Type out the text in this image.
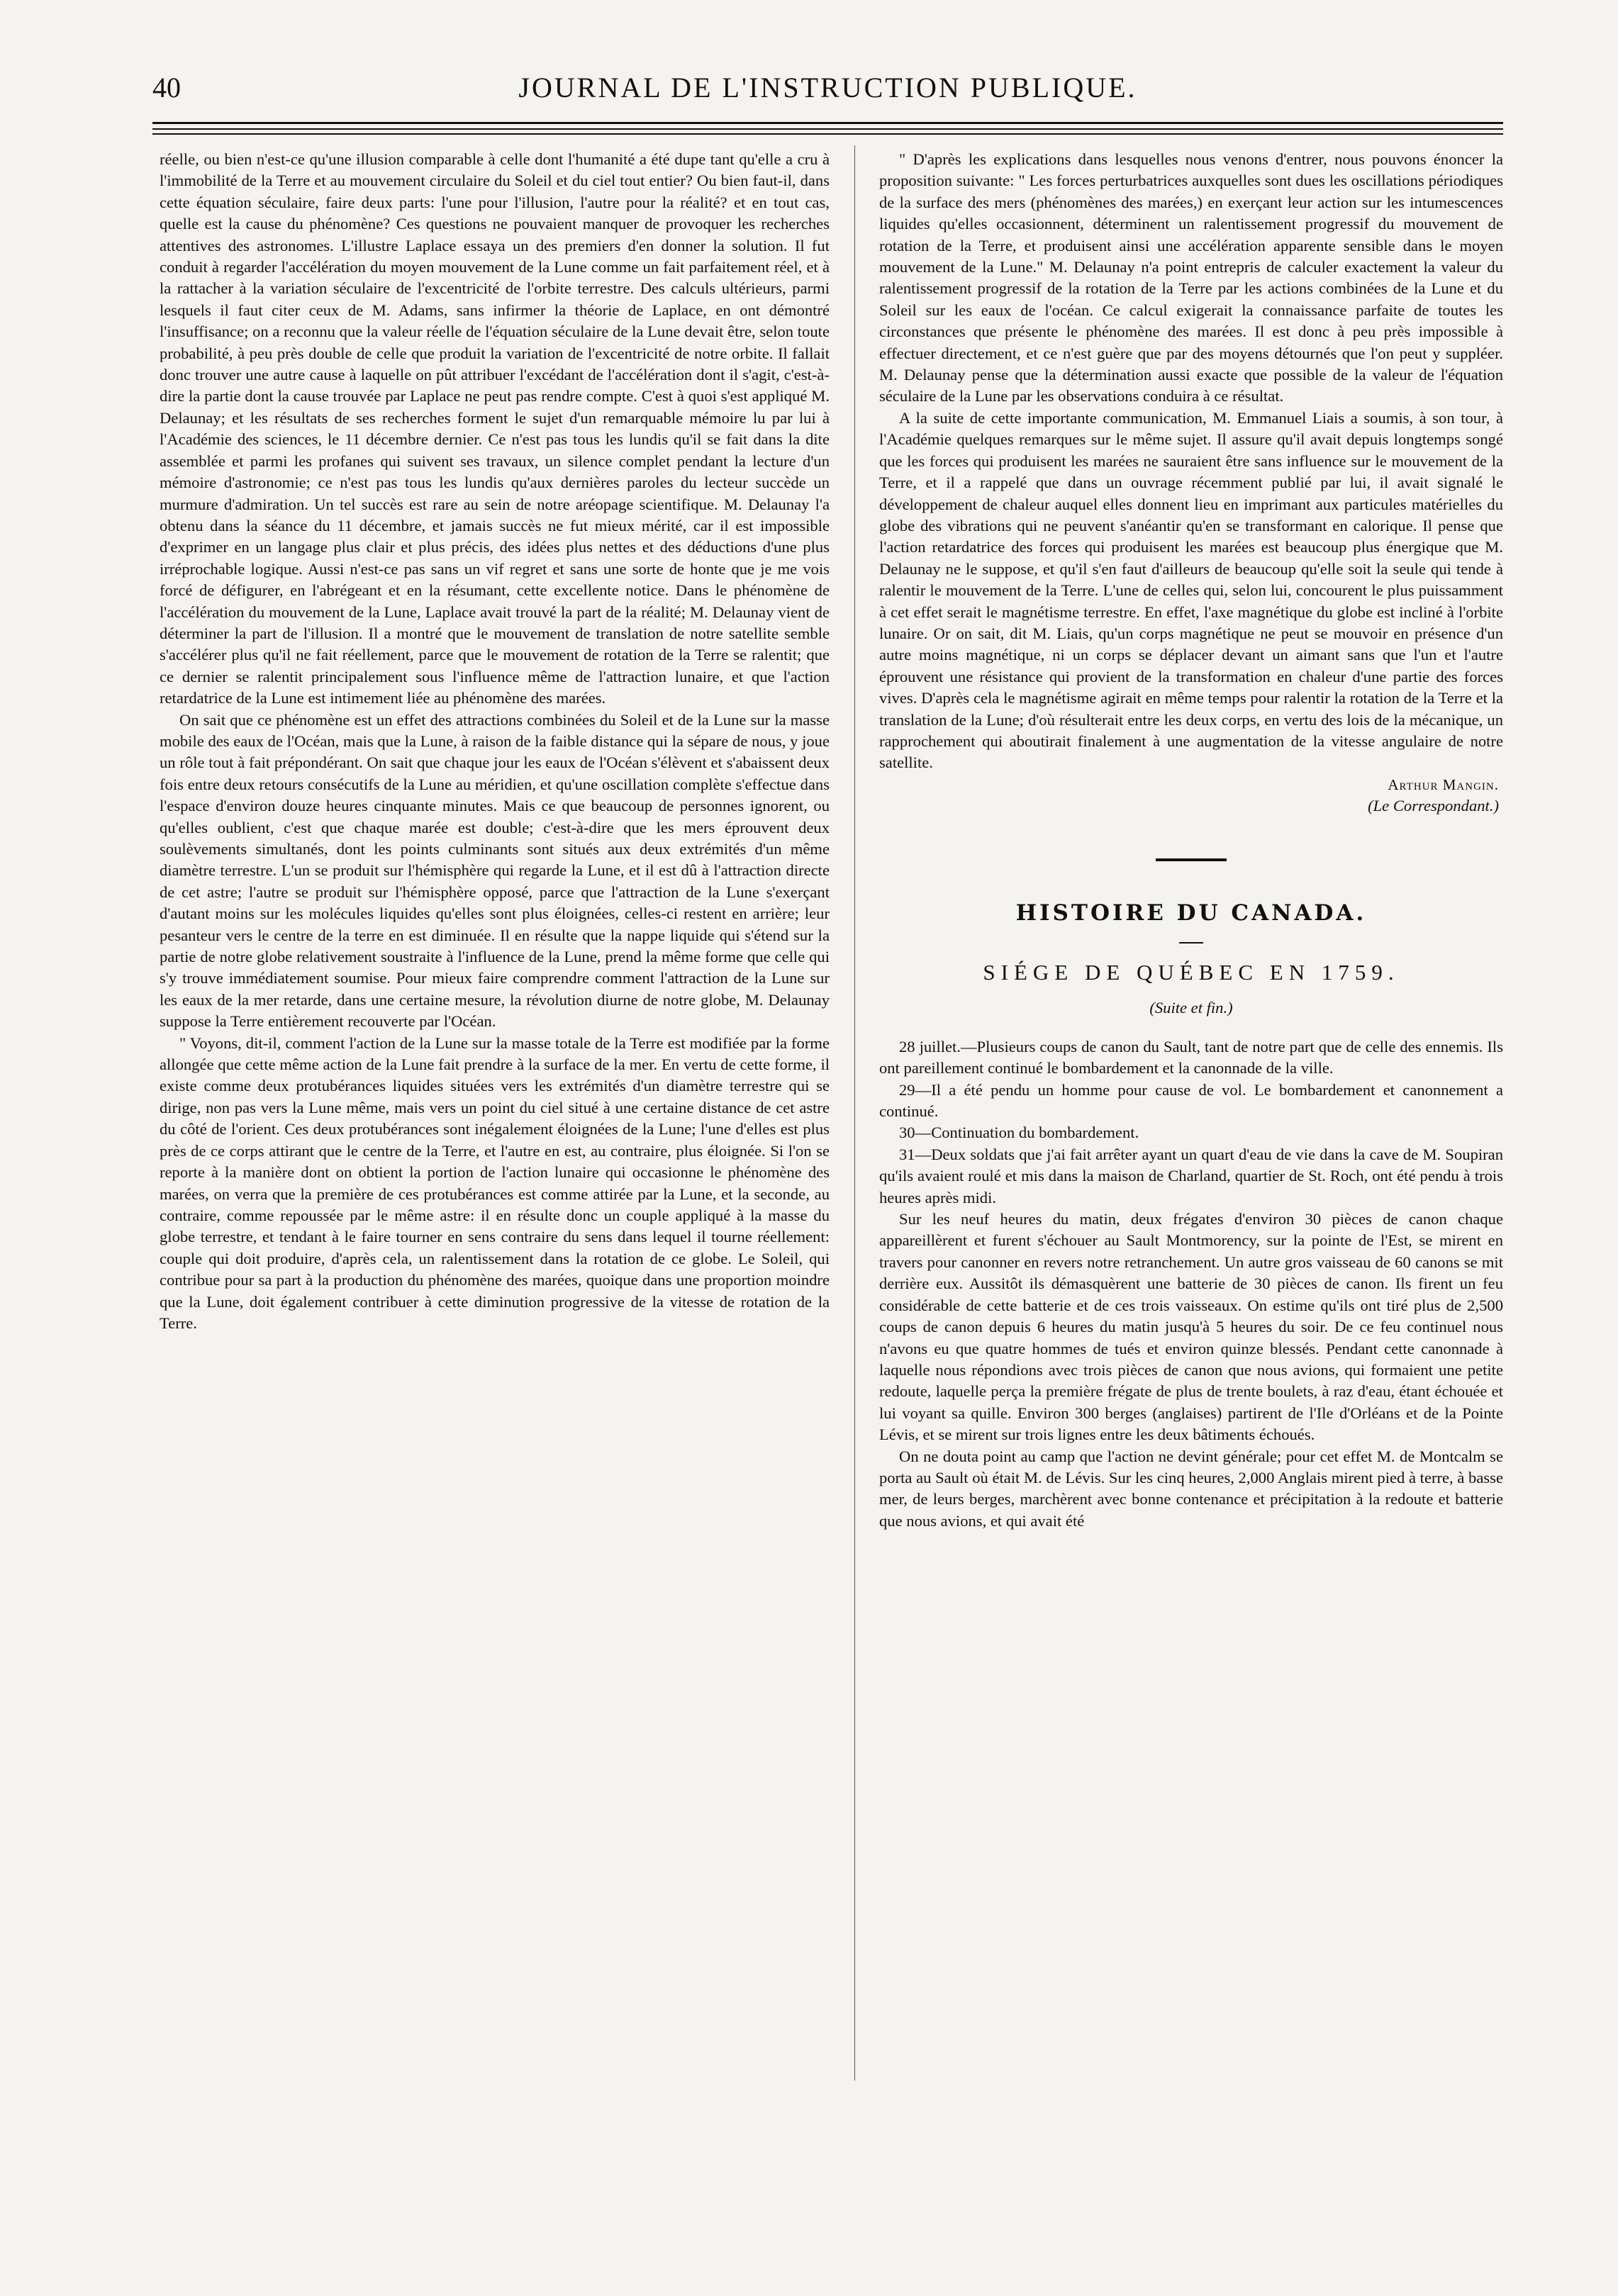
40	JOURNAL DE L'INSTRUCTION PUBLIQUE.

réelle, ou bien n'est-ce qu'une illusion comparable à celle dont l'humanité a été dupe tant qu'elle a cru à l'immobilité de la Terre et au mouvement circulaire du Soleil et du ciel tout entier? Ou bien faut-il, dans cette équation séculaire, faire deux parts: l'une pour l'illusion, l'autre pour la réalité? et en tout cas, quelle est la cause du phénomène? Ces questions ne pouvaient manquer de provoquer les recherches attentives des astronomes. L'illustre Laplace essaya un des premiers d'en donner la solution. Il fut conduit à regarder l'accélération du moyen mouvement de la Lune comme un fait parfaitement réel, et à la rattacher à la variation séculaire de l'excentricité de l'orbite terrestre. Des calculs ultérieurs, parmi lesquels il faut citer ceux de M. Adams, sans infirmer la théorie de Laplace, en ont démontré l'insuffisance; on a reconnu que la valeur réelle de l'équation séculaire de la Lune devait être, selon toute probabilité, à peu près double de celle que produit la variation de l'excentricité de notre orbite. Il fallait donc trouver une autre cause à laquelle on pût attribuer l'excédant de l'accélération dont il s'agit, c'est-à-dire la partie dont la cause trouvée par Laplace ne peut pas rendre compte. C'est à quoi s'est appliqué M. Delaunay; et les résultats de ses recherches forment le sujet d'un remarquable mémoire lu par lui à l'Académie des sciences, le 11 décembre dernier. Ce n'est pas tous les lundis qu'il se fait dans la dite assemblée et parmi les profanes qui suivent ses travaux, un silence complet pendant la lecture d'un mémoire d'astronomie; ce n'est pas tous les lundis qu'aux dernières paroles du lecteur succède un murmure d'admiration. Un tel succès est rare au sein de notre aréopage scientifique. M. Delaunay l'a obtenu dans la séance du 11 décembre, et jamais succès ne fut mieux mérité, car il est impossible d'exprimer en un langage plus clair et plus précis, des idées plus nettes et des déductions d'une plus irréprochable logique. Aussi n'est-ce pas sans un vif regret et sans une sorte de honte que je me vois forcé de défigurer, en l'abrégeant et en la résumant, cette excellente notice. Dans le phénomène de l'accélération du mouvement de la Lune, Laplace avait trouvé la part de la réalité; M. Delaunay vient de déterminer la part de l'illusion. Il a montré que le mouvement de translation de notre satellite semble s'accélérer plus qu'il ne fait réellement, parce que le mouvement de rotation de la Terre se ralentit; que ce dernier se ralentit principalement sous l'influence même de l'attraction lunaire, et que l'action retardatrice de la Lune est intimement liée au phénomène des marées.

On sait que ce phénomène est un effet des attractions combinées du Soleil et de la Lune sur la masse mobile des eaux de l'Océan, mais que la Lune, à raison de la faible distance qui la sépare de nous, y joue un rôle tout à fait prépondérant. On sait que chaque jour les eaux de l'Océan s'élèvent et s'abaissent deux fois entre deux retours consécutifs de la Lune au méridien, et qu'une oscillation complète s'effectue dans l'espace d'environ douze heures cinquante minutes. Mais ce que beaucoup de personnes ignorent, ou qu'elles oublient, c'est que chaque marée est double; c'est-à-dire que les mers éprouvent deux soulèvements simultanés, dont les points culminants sont situés aux deux extrémités d'un même diamètre terrestre. L'un se produit sur l'hémisphère qui regarde la Lune, et il est dû à l'attraction directe de cet astre; l'autre se produit sur l'hémisphère opposé, parce que l'attraction de la Lune s'exerçant d'autant moins sur les molécules liquides qu'elles sont plus éloignées, celles-ci restent en arrière; leur pesanteur vers le centre de la terre en est diminuée. Il en résulte que la nappe liquide qui s'étend sur la partie de notre globe relativement soustraite à l'influence de la Lune, prend la même forme que celle qui s'y trouve immédiatement soumise. Pour mieux faire comprendre comment l'attraction de la Lune sur les eaux de la mer retarde, dans une certaine mesure, la révolution diurne de notre globe, M. Delaunay suppose la Terre entièrement recouverte par l'Océan.

" Voyons, dit-il, comment l'action de la Lune sur la masse totale de la Terre est modifiée par la forme allongée que cette même action de la Lune fait prendre à la surface de la mer. En vertu de cette forme, il existe comme deux protubérances liquides situées vers les extrémités d'un diamètre terrestre qui se dirige, non pas vers la Lune même, mais vers un point du ciel situé à une certaine distance de cet astre du côté de l'orient. Ces deux protubérances sont inégalement éloignées de la Lune; l'une d'elles est plus près de ce corps attirant que le centre de la Terre, et l'autre en est, au contraire, plus éloignée. Si l'on se reporte à la manière dont on obtient la portion de l'action lunaire qui occasionne le phénomène des marées, on verra que la première de ces protubérances est comme attirée par la Lune, et la seconde, au contraire, comme repoussée par le même astre: il en résulte donc un couple appliqué à la masse du globe terrestre, et tendant à le faire tourner en sens contraire du sens dans lequel il tourne réellement: couple qui doit produire, d'après cela, un ralentissement dans la rotation de ce globe. Le Soleil, qui contribue pour sa part à la production du phénomène des marées, quoique dans une proportion moindre que la Lune, doit également contribuer à cette diminution progressive de la vitesse de rotation de la Terre.

" D'après les explications dans lesquelles nous venons d'entrer, nous pouvons énoncer la proposition suivante: " Les forces perturbatrices auxquelles sont dues les oscillations périodiques de la surface des mers (phénomènes des marées,) en exerçant leur action sur les intumescences liquides qu'elles occasionnent, déterminent un ralentissement progressif du mouvement de rotation de la Terre, et produisent ainsi une accélération apparente sensible dans le moyen mouvement de la Lune." M. Delaunay n'a point entrepris de calculer exactement la valeur du ralentissement progressif de la rotation de la Terre par les actions combinées de la Lune et du Soleil sur les eaux de l'océan. Ce calcul exigerait la connaissance parfaite de toutes les circonstances que présente le phénomène des marées. Il est donc à peu près impossible à effectuer directement, et ce n'est guère que par des moyens détournés que l'on peut y suppléer. M. Delaunay pense que la détermination aussi exacte que possible de la valeur de l'équation séculaire de la Lune par les observations conduira à ce résultat.

A la suite de cette importante communication, M. Emmanuel Liais a soumis, à son tour, à l'Académie quelques remarques sur le même sujet. Il assure qu'il avait depuis longtemps songé que les forces qui produisent les marées ne sauraient être sans influence sur le mouvement de la Terre, et il a rappelé que dans un ouvrage récemment publié par lui, il avait signalé le développement de chaleur auquel elles donnent lieu en imprimant aux particules matérielles du globe des vibrations qui ne peuvent s'anéantir qu'en se transformant en calorique. Il pense que l'action retardatrice des forces qui produisent les marées est beaucoup plus énergique que M. Delaunay ne le suppose, et qu'il s'en faut d'ailleurs de beaucoup qu'elle soit la seule qui tende à ralentir le mouvement de la Terre. L'une de celles qui, selon lui, concourent le plus puissamment à cet effet serait le magnétisme terrestre. En effet, l'axe magnétique du globe est incliné à l'orbite lunaire. Or on sait, dit M. Liais, qu'un corps magnétique ne peut se mouvoir en présence d'un autre moins magnétique, ni un corps se déplacer devant un aimant sans que l'un et l'autre éprouvent une résistance qui provient de la transformation en chaleur d'une partie des forces vives. D'après cela le magnétisme agirait en même temps pour ralentir la rotation de la Terre et la translation de la Lune; d'où résulterait entre les deux corps, en vertu des lois de la mécanique, un rapprochement qui aboutirait finalement à une augmentation de la vitesse angulaire de notre satellite.

Arthur Mangin.
(Le Correspondant.)
HISTOIRE DU CANADA.
SIÉGE DE QUÉBEC EN 1759.
(Suite et fin.)

28 juillet.—Plusieurs coups de canon du Sault, tant de notre part que de celle des ennemis. Ils ont pareillement continué le bombardement et la canonnade de la ville.

29—Il a été pendu un homme pour cause de vol. Le bombardement et canonnement a continué.

30—Continuation du bombardement.

31—Deux soldats que j'ai fait arrêter ayant un quart d'eau de vie dans la cave de M. Soupiran qu'ils avaient roulé et mis dans la maison de Charland, quartier de St. Roch, ont été pendu à trois heures après midi.

Sur les neuf heures du matin, deux frégates d'environ 30 pièces de canon chaque appareillèrent et furent s'échouer au Sault Montmorency, sur la pointe de l'Est, se mirent en travers pour canonner en revers notre retranchement. Un autre gros vaisseau de 60 canons se mit derrière eux. Aussitôt ils démasquèrent une batterie de 30 pièces de canon. Ils firent un feu considérable de cette batterie et de ces trois vaisseaux. On estime qu'ils ont tiré plus de 2,500 coups de canon depuis 6 heures du matin jusqu'à 5 heures du soir. De ce feu continuel nous n'avons eu que quatre hommes de tués et environ quinze blessés. Pendant cette canonnade à laquelle nous répondions avec trois pièces de canon que nous avions, qui formaient une petite redoute, laquelle perça la première frégate de plus de trente boulets, à raz d'eau, étant échouée et lui voyant sa quille. Environ 300 berges (anglaises) partirent de l'Ile d'Orléans et de la Pointe Lévis, et se mirent sur trois lignes entre les deux bâtiments échoués.

On ne douta point au camp que l'action ne devint générale; pour cet effet M. de Montcalm se porta au Sault où était M. de Lévis. Sur les cinq heures, 2,000 Anglais mirent pied à terre, à basse mer, de leurs berges, marchèrent avec bonne contenance et précipitation à la redoute et batterie que nous avions, et qui avait été
